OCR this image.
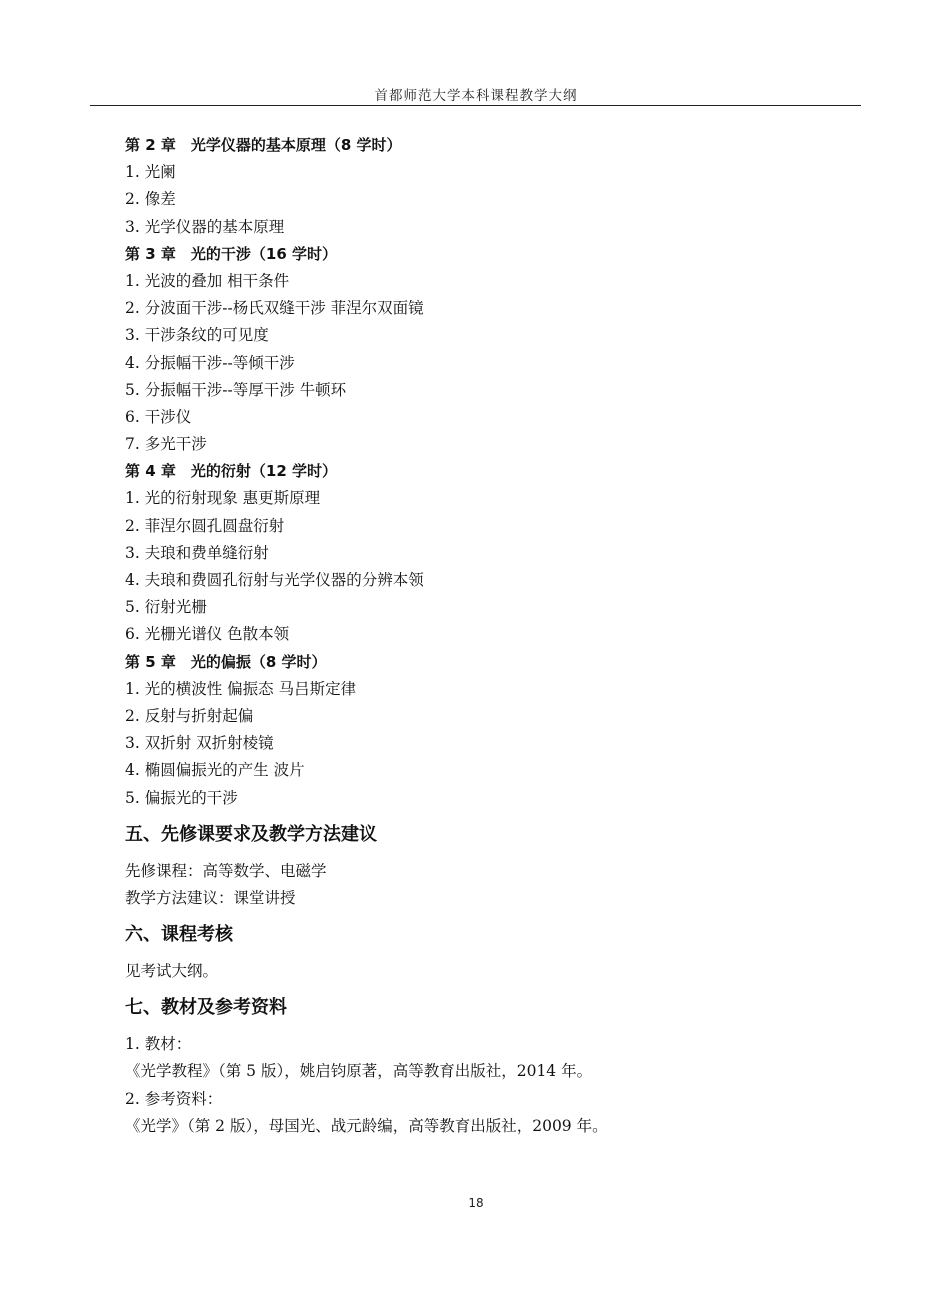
首都师范大学本科课程教学大纲
第 2 章　光学仪器的基本原理（8 学时）
1. 光阑
2. 像差
3. 光学仪器的基本原理
第 3 章　光的干涉（16 学时）
1. 光波的叠加 相干条件
2. 分波面干涉--杨氏双缝干涉 菲涅尔双面镜
3. 干涉条纹的可见度
4. 分振幅干涉--等倾干涉
5. 分振幅干涉--等厚干涉 牛顿环
6. 干涉仪
7. 多光干涉
第 4 章　光的衍射（12 学时）
1. 光的衍射现象 惠更斯原理
2. 菲涅尔圆孔圆盘衍射
3. 夫琅和费单缝衍射
4. 夫琅和费圆孔衍射与光学仪器的分辨本领
5. 衍射光栅
6. 光栅光谱仪 色散本领
第 5 章　光的偏振（8 学时）
1. 光的横波性 偏振态 马吕斯定律
2. 反射与折射起偏
3. 双折射 双折射棱镜
4. 椭圆偏振光的产生 波片
5. 偏振光的干涉
五、先修课要求及教学方法建议
先修课程：高等数学、电磁学
教学方法建议：课堂讲授
六、课程考核
见考试大纲。
七、教材及参考资料
1. 教材：
《光学教程》（第 5 版），姚启钧原著，高等教育出版社，2014 年。
2. 参考资料：
《光学》（第 2 版），母国光、战元龄编，高等教育出版社，2009 年。
18
